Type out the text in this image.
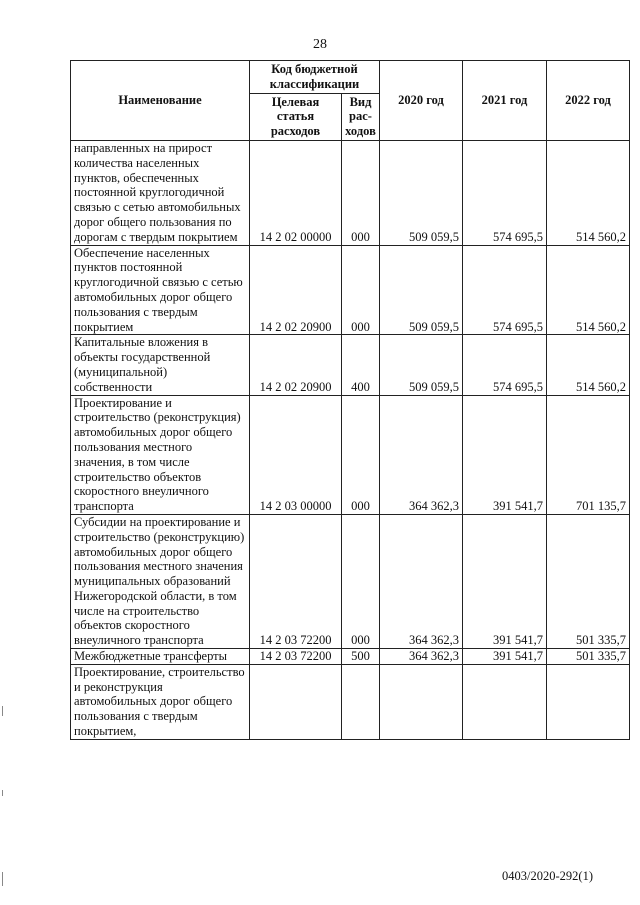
28
Наименование	Код бюджетной классификации		2020 год	2021 год	2022 год
	Целевая статья расходов	Вид рас-ходов			
направленных на прирост количества населенных пунктов, обеспеченных постоянной круглогодичной связью с сетью автомобильных дорог общего пользования по дорогам с твердым покрытием	14 2 02 00000	000	509 059,5	574 695,5	514 560,2
Обеспечение населенных пунктов постоянной круглогодичной связью с сетью автомобильных дорог общего пользования с твердым покрытием	14 2 02 20900	000	509 059,5	574 695,5	514 560,2
Капитальные вложения в объекты государственной (муниципальной) собственности	14 2 02 20900	400	509 059,5	574 695,5	514 560,2
Проектирование и строительство (реконструкция) автомобильных дорог общего пользования местного значения, в том числе строительство объектов скоростного внеуличного транспорта	14 2 03 00000	000	364 362,3	391 541,7	701 135,7
Субсидии на проектирование и строительство (реконструкцию) автомобильных дорог общего пользования местного значения муниципальных образований Нижегородской области, в том числе на строительство объектов скоростного внеуличного транспорта	14 2 03 72200	000	364 362,3	391 541,7	501 335,7
Межбюджетные трансферты	14 2 03 72200	500	364 362,3	391 541,7	501 335,7
Проектирование, строительство и реконструкция автомобильных дорог общего пользования с твердым покрытием,					
0403/2020-292(1)
